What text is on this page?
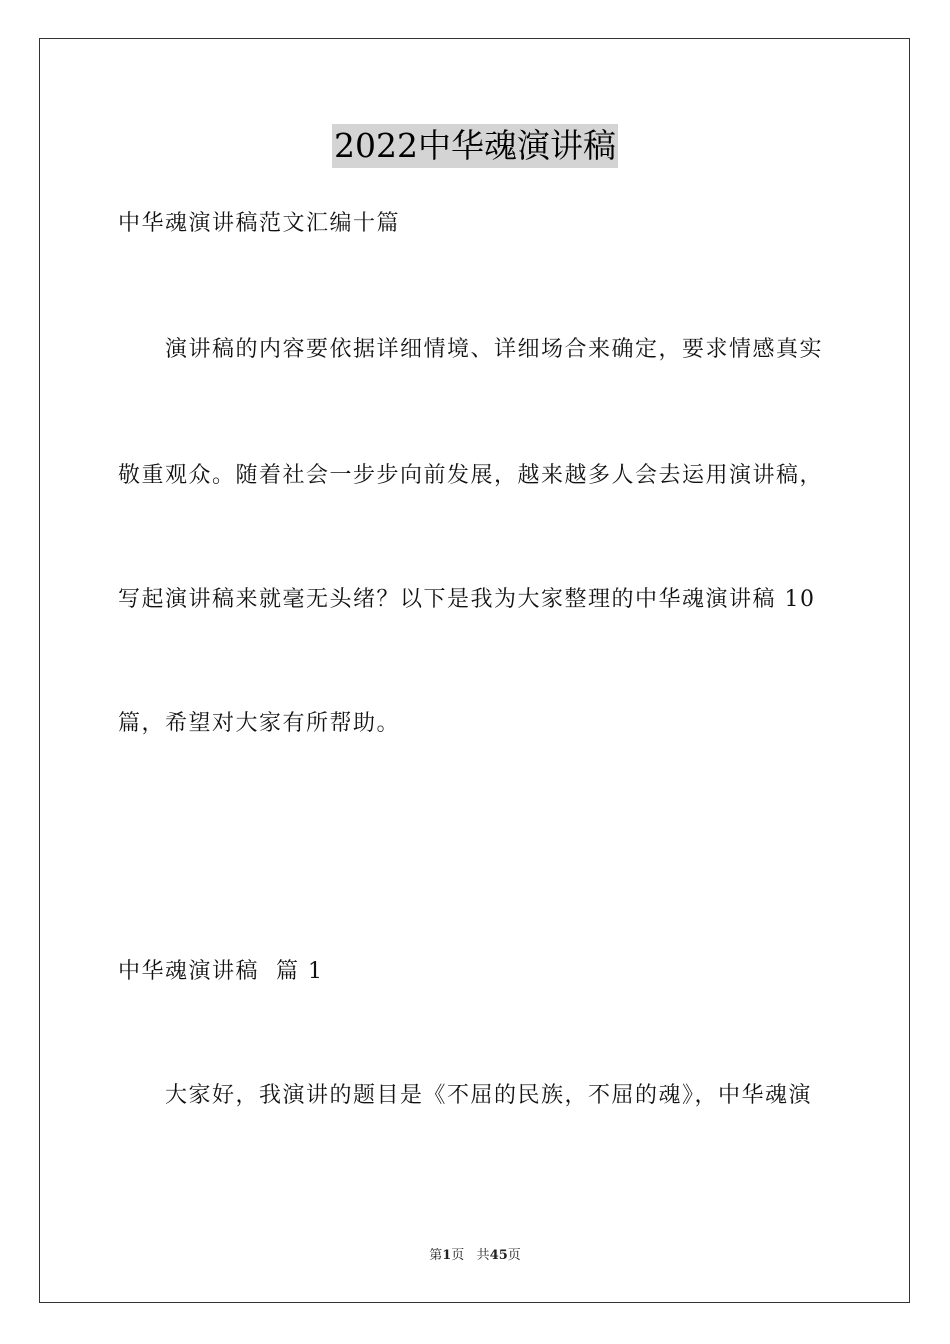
2022中华魂演讲稿
中华魂演讲稿范文汇编十篇
演讲稿的内容要依据详细情境、详细场合来确定，要求情感真实
敬重观众。随着社会一步步向前发展，越来越多人会去运用演讲稿，
写起演讲稿来就毫无头绪？以下是我为大家整理的中华魂演讲稿 10
篇，希望对大家有所帮助。
中华魂演讲稿  篇 1
大家好，我演讲的题目是《不屈的民族，不屈的魂》，中华魂演
第1页 共45页
